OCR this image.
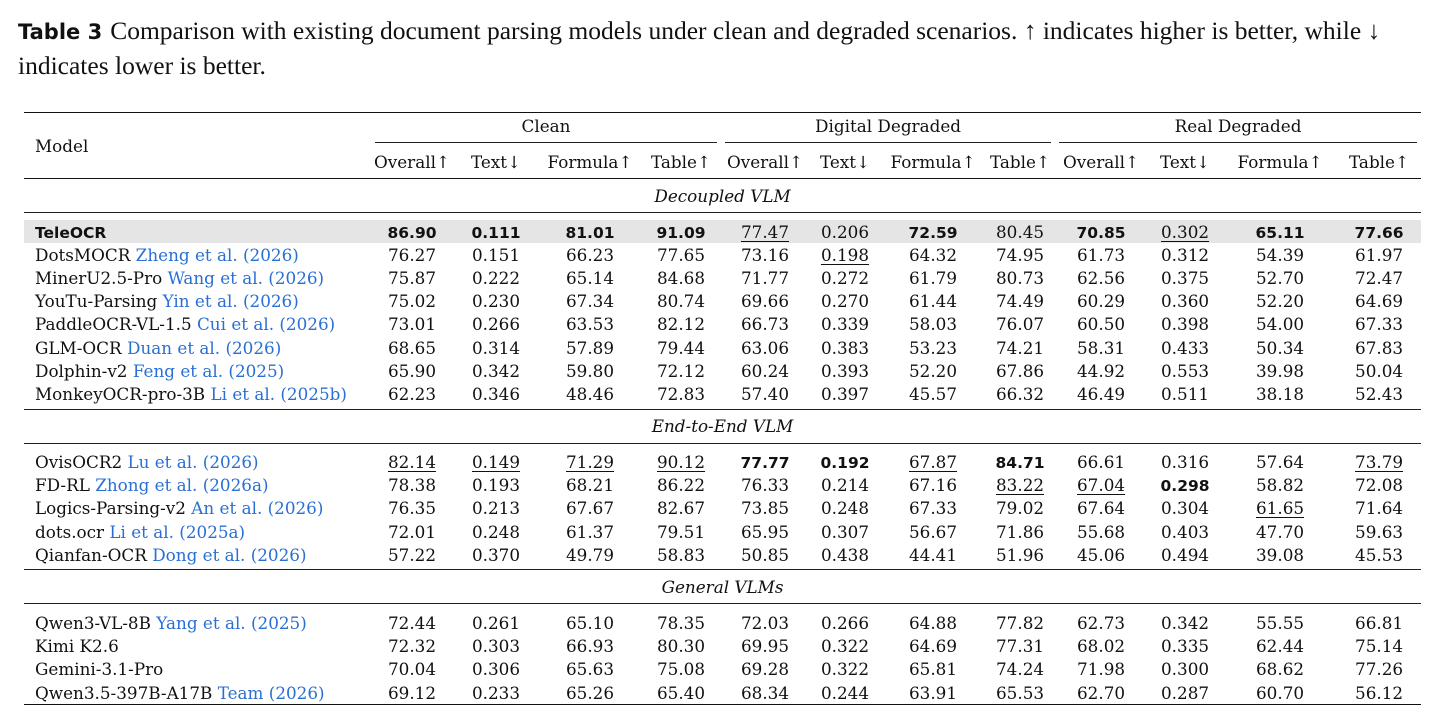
Table 3 Comparison with existing document parsing models under clean and degraded scenarios. ↑ indicates higher is better, while ↓ indicates lower is better.
Model	Clean				Digital Degraded				Real Degraded			

	Overall↑	Text↓	Formula↑	Table↑	Overall↑	Text↓	Formula↑	Table↑	Overall↑	Text↓	Formula↑	Table↑
Decoupled VLM												

TeleOCR	86.90	0.111	81.01	91.09	77.47	0.206	72.59	80.45	70.85	0.302	65.11	77.66
DotsMOCR Zheng et al. (2026)	76.27	0.151	66.23	77.65	73.16	0.198	64.32	74.95	61.73	0.312	54.39	61.97
MinerU2.5-Pro Wang et al. (2026)	75.87	0.222	65.14	84.68	71.77	0.272	61.79	80.73	62.56	0.375	52.70	72.47
YouTu-Parsing Yin et al. (2026)	75.02	0.230	67.34	80.74	69.66	0.270	61.44	74.49	60.29	0.360	52.20	64.69
PaddleOCR-VL-1.5 Cui et al. (2026)	73.01	0.266	63.53	82.12	66.73	0.339	58.03	76.07	60.50	0.398	54.00	67.33
GLM-OCR Duan et al. (2026)	68.65	0.314	57.89	79.44	63.06	0.383	53.23	74.21	58.31	0.433	50.34	67.83
Dolphin-v2 Feng et al. (2025)	65.90	0.342	59.80	72.12	60.24	0.393	52.20	67.86	44.92	0.553	39.98	50.04
MonkeyOCR-pro-3B Li et al. (2025b)	62.23	0.346	48.46	72.83	57.40	0.397	45.57	66.32	46.49	0.511	38.18	52.43

End-to-End VLM												

OvisOCR2 Lu et al. (2026)	82.14	0.149	71.29	90.12	77.77	0.192	67.87	84.71	66.61	0.316	57.64	73.79
FD-RL Zhong et al. (2026a)	78.38	0.193	68.21	86.22	76.33	0.214	67.16	83.22	67.04	0.298	58.82	72.08
Logics-Parsing-v2 An et al. (2026)	76.35	0.213	67.67	82.67	73.85	0.248	67.33	79.02	67.64	0.304	61.65	71.64
dots.ocr Li et al. (2025a)	72.01	0.248	61.37	79.51	65.95	0.307	56.67	71.86	55.68	0.403	47.70	59.63
Qianfan-OCR Dong et al. (2026)	57.22	0.370	49.79	58.83	50.85	0.438	44.41	51.96	45.06	0.494	39.08	45.53

General VLMs												

Qwen3-VL-8B Yang et al. (2025)	72.44	0.261	65.10	78.35	72.03	0.266	64.88	77.82	62.73	0.342	55.55	66.81
Kimi K2.6	72.32	0.303	66.93	80.30	69.95	0.322	64.69	77.31	68.02	0.335	62.44	75.14
Gemini-3.1-Pro	70.04	0.306	65.63	75.08	69.28	0.322	65.81	74.24	71.98	0.300	68.62	77.26
Qwen3.5-397B-A17B Team (2026)	69.12	0.233	65.26	65.40	68.34	0.244	63.91	65.53	62.70	0.287	60.70	56.12
